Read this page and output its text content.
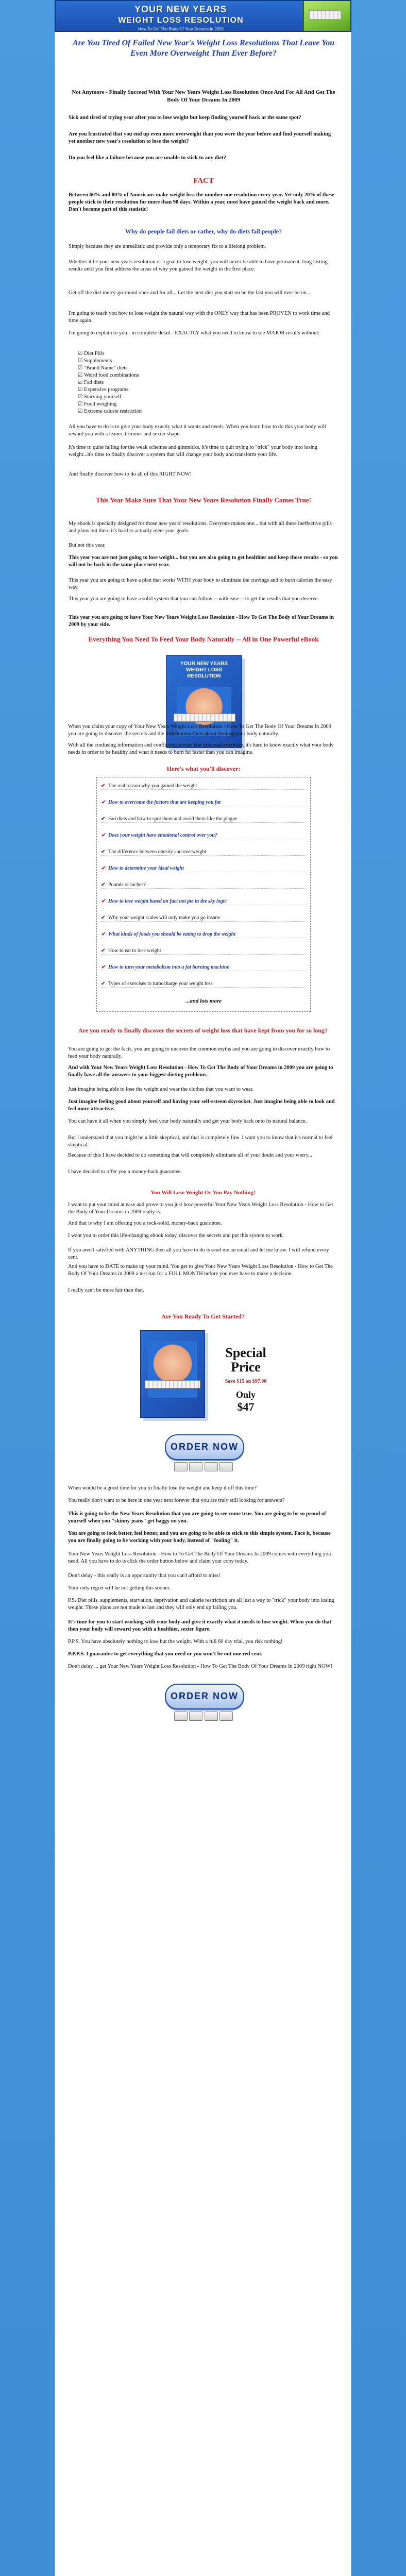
YOUR NEW YEARS
WEIGHT LOSS RESOLUTION
How To Get The Body Of Your Dreams In 2009
Are You Tired Of Failed New Year's Weight Loss Resolutions That Leave You Even More Overweight Than Ever Before?
Not Anymore - Finally Succeed With Your New Years Weight Loss Resolution Once And For All And Get The Body Of Your Dreams In 2009
Sick and tired of trying year after you to lose weight but keep finding yourself back at the same spot?
Are you frustrated that you end up even more overweight than you were the year before and find yourself making yet another new year's resolution to lose the weight?
Do you feel like a failure because you are unable to stick to any diet?
FACT
Between 60% and 80% of Americans make weight loss the number one resolution every year. Yet only 20% of these people stick to their resolution for more than 90 days. Within a year, most have gained the weight back and more. Don't become part of this statistic!
Why do people fail diets or rather, why do diets fail people?
Simply because they are unrealistic and provide only a temporary fix to a lifelong problem.
Whether it be your new years resolution or a goal to lose weight, you will never be able to have permanent, long lasting results until you first address the areas of why you gained the weight in the first place.
Get off the diet merry-go-round once and for all... Let the next diet you start on be the last you will ever be on...
I'm going to teach you how to lose weight the natural way with the ONLY way that has been PROVEN to work time and time again.
I'm going to explain to you - in complete detail - EXACTLY what you need to know to see MAJOR results without:
☑ Diet Pills
☑ Supplements
☑ "Brand Name" diets
☑ Weird food combinations
☑ Fad diets
☑ Expensive programs
☑ Starving yourself
☑ Food weighing
☑ Extreme calorie restriction
All you have to do is to give your body exactly what it wants and needs. When you learn how to do this your body will reward you with a leaner, trimmer and sexier shape.
It's time to quite falling for the weak schemes and gimmicks, it's time to quit trying to "trick" your body into losing weight...it's time to finally discover a system that will change your body and transform your life.
And finally discover how to do all of this RIGHT NOW!
This Year Make Sure That Your New Years Resolution Finally Comes True!
My ebook is specially designed for those new years' resolutions. Everyone makes one... but with all these ineffective pills and plans out there it's hard to actually meet your goals.
But not this year.
This year you are not just going to lose weight... but you are also going to get healthier and keep those results - so you will not be back in the same place next year.
This year you are going to have a plan that works WITH your body to eliminate the cravings and to burn calories the easy way.
This year you are going to have a solid system that you can follow -- with ease -- to get the results that you deserve.
This year you are going to have Your New Years Weight Loss Resolution - How To Get The Body of Your Dreams in 2009 by your side.
Everything You Need To Feed Your Body Naturally -- All in One Powerful eBook
YOUR NEW YEARS WEIGHT LOSS RESOLUTION
When you claim your copy of Your New Years Weight Loss Resolution - How To Get The Body Of Your Dreams In 2009 you are going to discover the secrets and the little known facts about feeding your body naturally.
With all the confusing information and conflicting stories that you read everyday, it's hard to know exactly what your body needs in order to be healthy and what it needs to burn fat faster than you can imagine.
Here's what you'll discover:
✔ The real reason why you gained the weight
✔ How to overcome the factors that are keeping you fat
✔ Fad diets and how to spot them and avoid them like the plague
✔ Does your weight have emotional control over you?
✔ The difference between obesity and overweight
✔ How to determine your ideal weight
✔ Pounds or inches?
✔ How to lose weight based on fact not pie in the sky logic
✔ Why your weight scales will only make you go insane
✔ What kinds of foods you should be eating to drop the weight
✔ How to eat to lose weight
✔ How to turn your metabolism into a fat burning machine
✔ Types of exercises to turbocharge your weight loss
...and lots more
Are you ready to finally discover the secrets of weight loss that have kept from you for so long?
You are going to get the facts, you are going to uncover the common myths and you are going to discover exactly how to feed your body naturally.
And with Your New Years Weight Loss Resolution - How To Get The Body of Your Dreams in 2009 you are going to finally have all the answers to your biggest dieting problems.
Just imagine being able to lose the weight and wear the clothes that you want to wear.
Just imagine feeling good about yourself and having your self-esteem skyrocket. Just imagine being able to look and feel more attractive.
You can have it all when you simply feed your body naturally and get your body back onto its natural balance.
But I understand that you might be a little skeptical, and that is completely fine. I want you to know that it's normal to feel skeptical.
Because of this I have decided to do something that will completely eliminate all of your doubt and your worry...
I have decided to offer you a money-back guarantee.
You Will Lose Weight Or You Pay Nothing!
I want to put your mind at ease and prove to you just how powerful Your New Years Weight Loss Resolution - How to Get the Body of Your Dreams in 2009 really is.
And that is why I am offering you a rock-solid, money-back guarantee.
I want you to order this life-changing ebook today, discover the secrets and put this system to work.
If you aren't satisfied with ANYTHING then all you have to do is send me an email and let me know. I will refund every cent.
And you have to DATE to make up your mind. You get to give Your New Years Weight Loss Resolution - How to Get The Body Of Your Dreams in 2009 a test run for a FULL MONTH before you ever have to make a decision.
I really can't be more fair than that.
Are You Ready To Get Started?
Special Price
Save $15 on $97.00
Only
$47
ORDER NOW
When would be a good time for you to finally lose the weight and keep it off this time?
You really don't want to be here in one year next forever that you are truly still looking for answers?
This is going to be the New Years Resolution that you are going to see come true. You are going to be so proud of yourself when you "skinny jeans" get baggy on you.
You are going to look better, feel better, and you are going to be able to stick to this simple system. Face it, because you are finally going to be working with your body, instead of "fooling" it.
Your New Years Weight Loss Resolution - How to To Get The Body Of Your Dreams In 2009 comes with everything you need. All you have to do is click the order button below and claim your copy today.
Don't delay - this really is an opportunity that you can't afford to miss!
Your only regret will be not getting this sooner.
P.S. Diet pills, supplements, starvation, deprivation and calorie restriction are all just a way to "trick" your body into losing weight. These plans are not made to last and they will only end up failing you.
It's time for you to start working with your body and give it exactly what it needs to lose weight. When you do that then your body will reward you with a healthier, sexier figure.
P.P.S. You have absolutely nothing to lose but the weight. With a full 60 day trial, you risk nothing!
P.P.P.S. I guarantee to get everything that you need or you won't be out one red cent.
Don't delay ... get Your New Years Weight Loss Resolution - How To Get The Body Of Your Dreams In 2009 right NOW!
ORDER NOW
